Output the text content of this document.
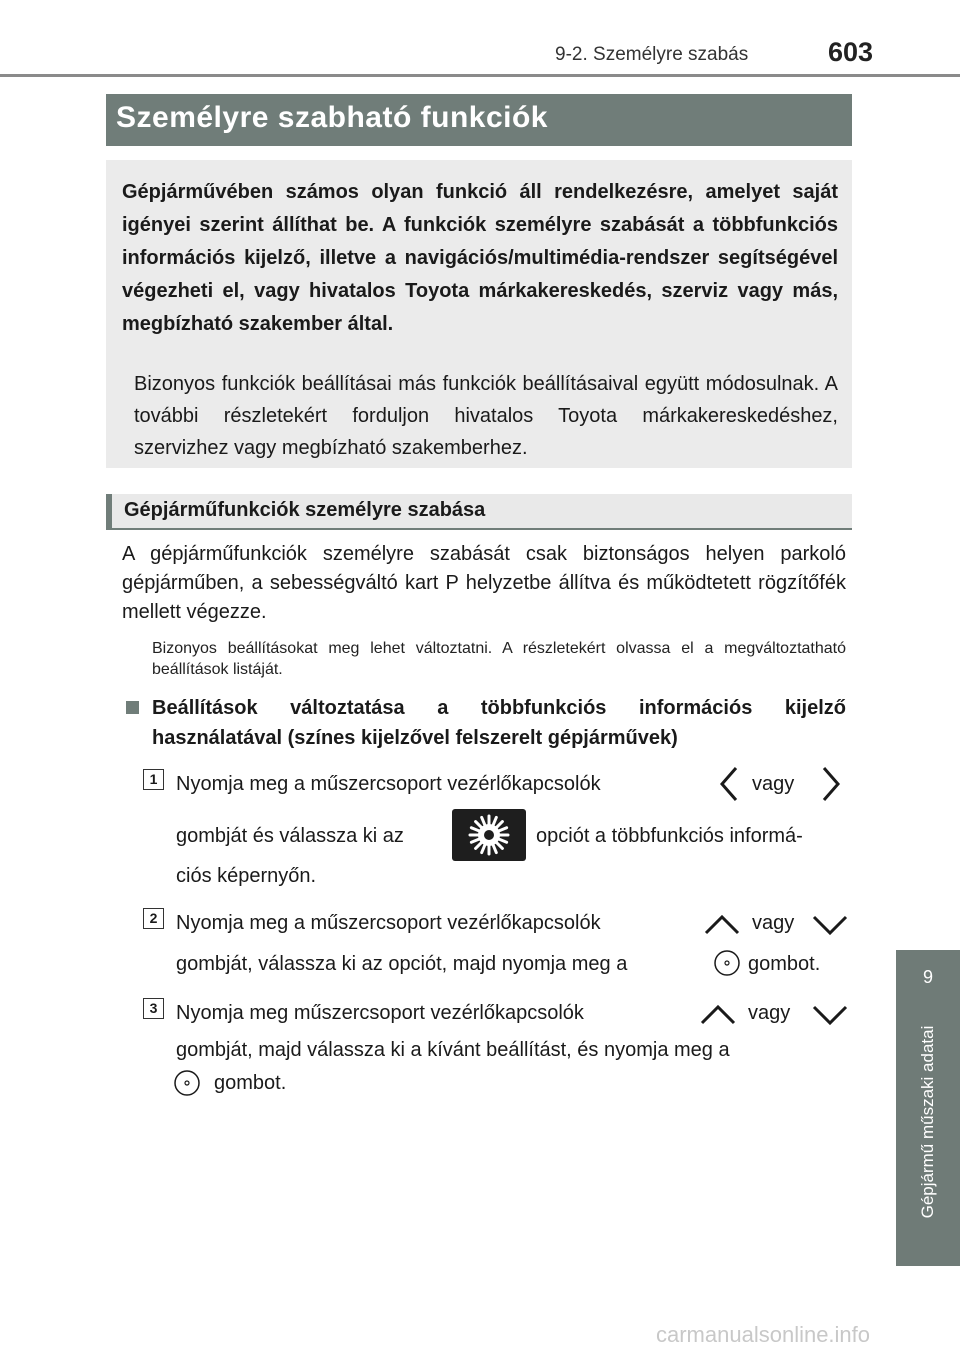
9-2. Személyre szabás	603
Személyre szabható funkciók
Gépjárművében számos olyan funkció áll rendelkezésre, amelyet saját igényei szerint állíthat be. A funkciók személyre szabását a többfunkciós információs kijelző, illetve a navigációs/multimédia-rendszer segítségével végezheti el, vagy hivatalos Toyota márkakereskedés, szerviz vagy más, megbízható szakember által.
Bizonyos funkciók beállításai más funkciók beállításaival együtt módosulnak. A további részletekért forduljon hivatalos Toyota márkakereskedéshez, szervizhez vagy megbízható szakemberhez.
Gépjárműfunkciók személyre szabása
A gépjárműfunkciók személyre szabását csak biztonságos helyen parkoló gépjárműben, a sebességváltó kart P helyzetbe állítva és működtetett rögzítőfék mellett végezze.
Bizonyos beállításokat meg lehet változtatni. A részletekért olvassa el a megváltoztatható beállítások listáját.
Beállítások változtatása a többfunkciós információs kijelző használatával (színes kijelzővel felszerelt gépjárművek)
1 Nyomja meg a műszercsoport vezérlőkapcsolók	vagy
gombját és válassza ki az	opciót a többfunkciós informá-
ciós képernyőn.
2 Nyomja meg a műszercsoport vezérlőkapcsolók	vagy
gombját, válassza ki az opciót, majd nyomja meg a	gombot.
3 Nyomja meg műszercsoport vezérlőkapcsolók	vagy
gombját, majd válassza ki a kívánt beállítást, és nyomja meg a
gombot.
9
Gépjármű műszaki adatai
carmanualsonline.info
